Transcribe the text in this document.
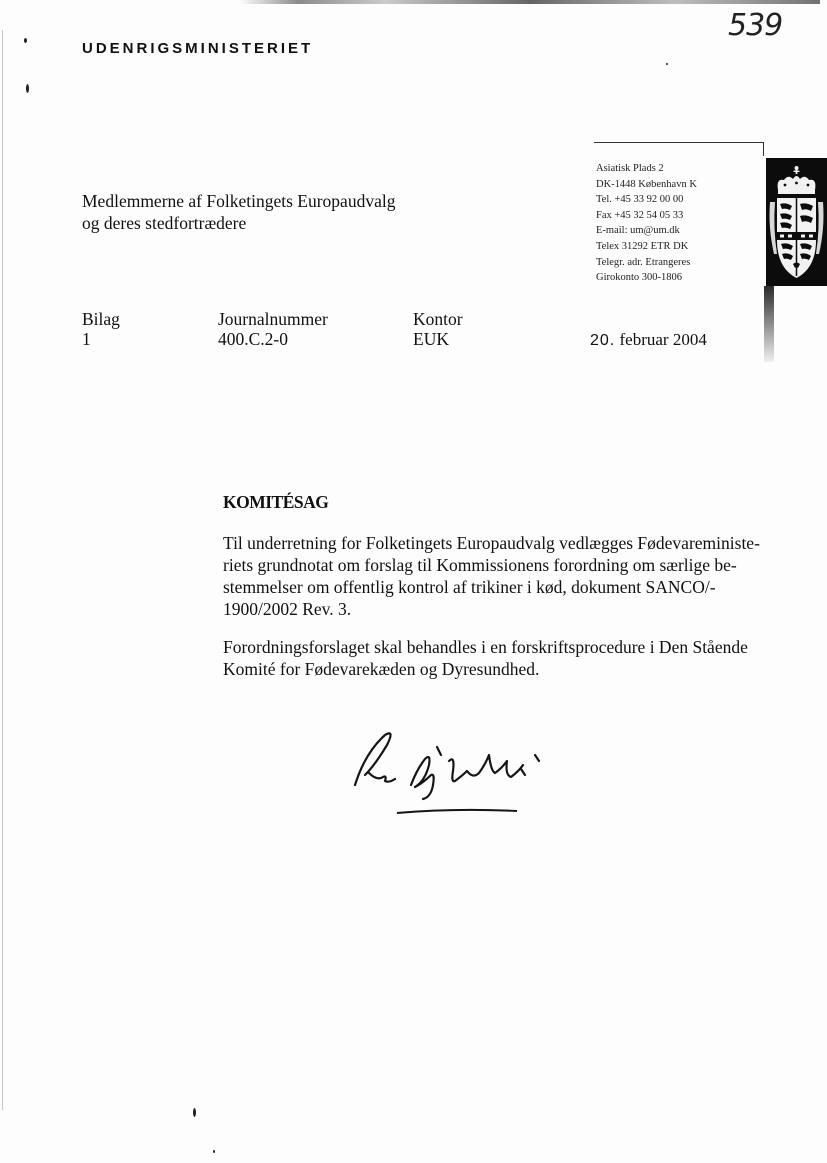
UDENRIGSMINISTERIET
539
Medlemmerne af Folketingets Europaudvalg
og deres stedfortrædere
Asiatisk Plads 2
DK-1448 København K
Tel. +45 33 92 00 00
Fax +45 32 54 05 33
E-mail: um@um.dk
Telex 31292 ETR DK
Telegr. adr. Etrangeres
Girokonto 300-1806
Bilag
1
Journalnummer
400.C.2-0
Kontor
EUK	20. februar 2004
KOMITÉSAG

Til underretning for Folketingets Europaudvalg vedlægges Fødevareministe-
riets grundnotat om forslag til Kommissionens forordning om særlige be-
stemmelser om offentlig kontrol af trikiner i kød, dokument SANCO/-
1900/2002 Rev. 3.

Forordningsforslaget skal behandles i en forskriftsprocedure i Den Stående
Komité for Fødevarekæden og Dyresundhed.
